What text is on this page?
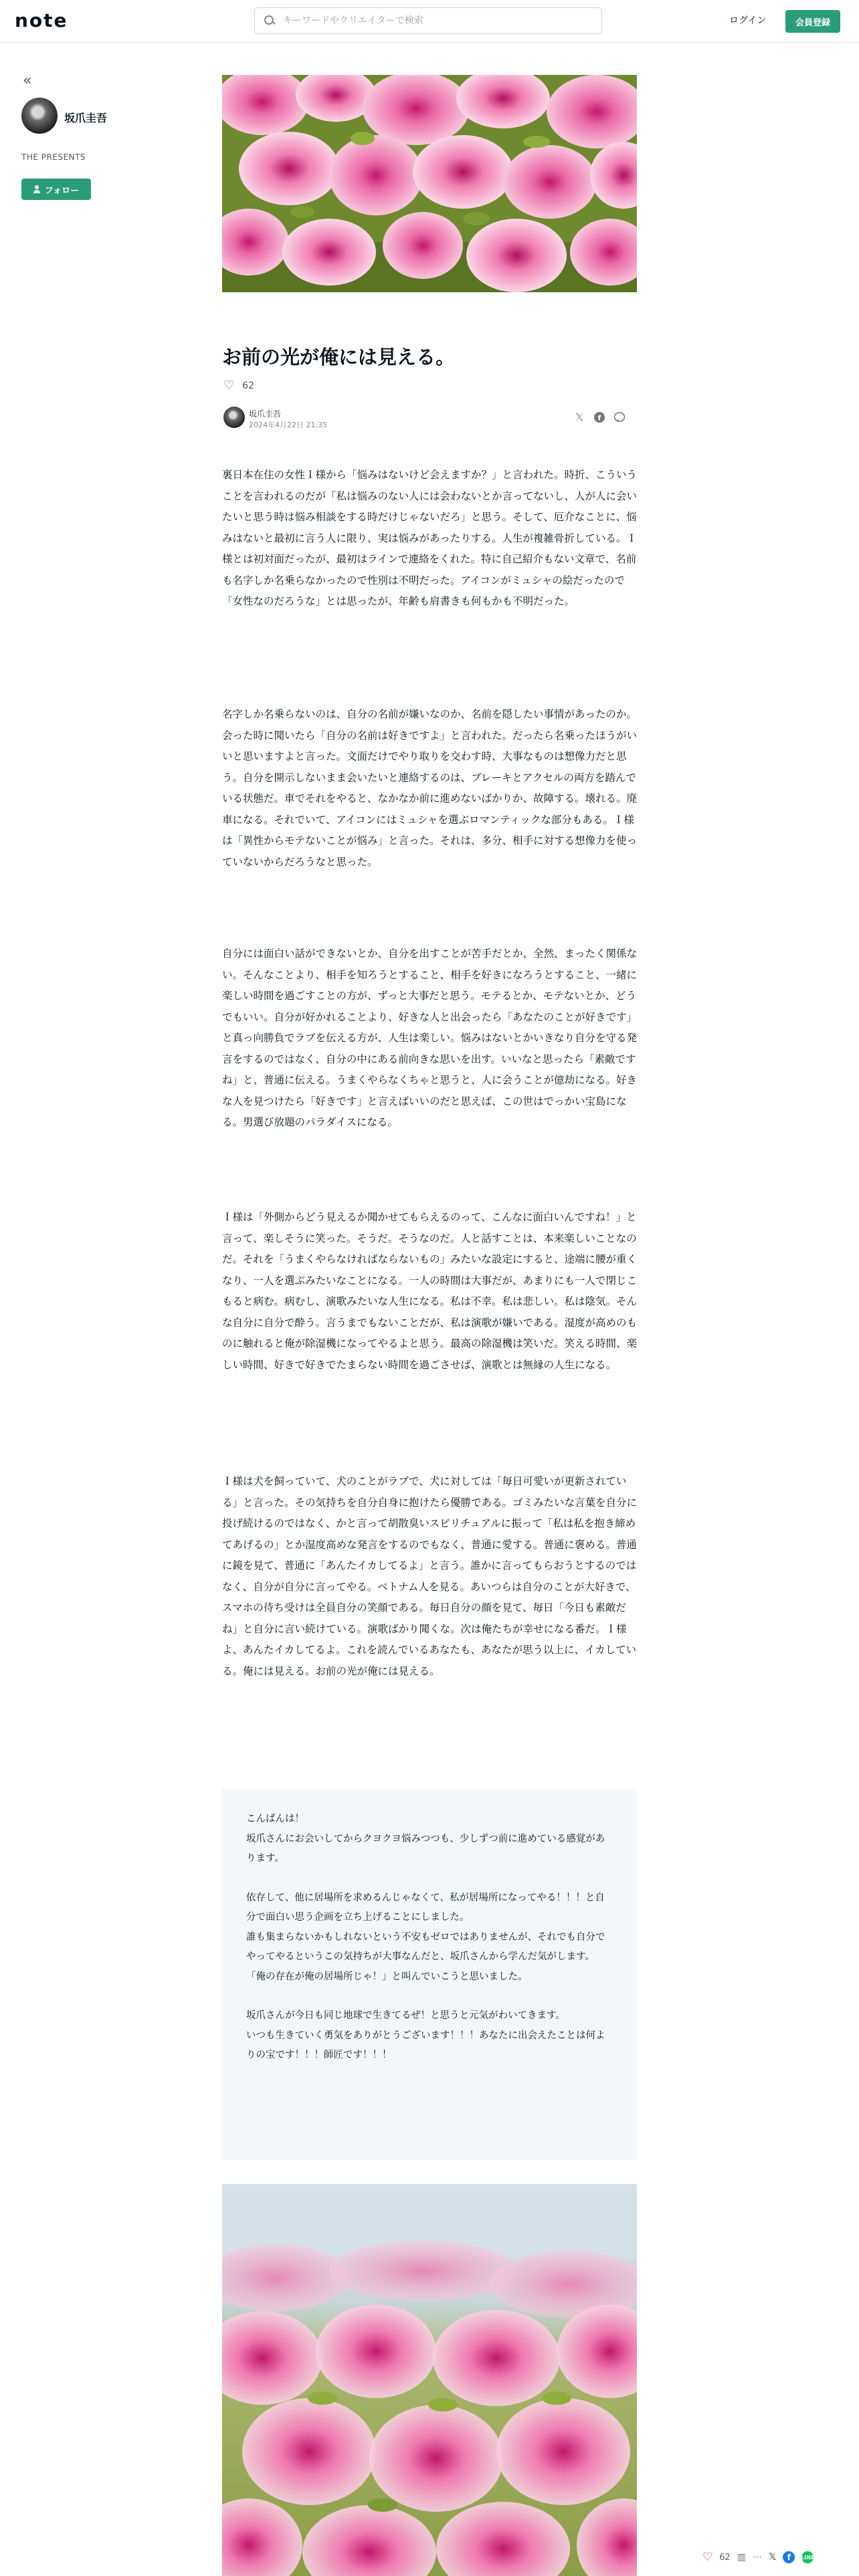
note
キーワードやクリエイターで検索	ログイン	会員登録
«
坂爪圭吾
THE PRESENTS
フォロー
お前の光が俺には見える。
♡ 62
坂爪圭吾
2024年4月22日 21:35
𝕏	f

裏日本在住の女性Ｉ様から「悩みはないけど会えますか？」と言われた。時折、こういうことを言われるのだが「私は悩みのない人には会わないとか言ってないし、人が人に会いたいと思う時は悩み相談をする時だけじゃないだろ」と思う。そして、厄介なことに、悩みはないと最初に言う人に限り、実は悩みがあったりする。人生が複雑骨折している。Ｉ様とは初対面だったが、最初はラインで連絡をくれた。特に自己紹介もない文章で、名前も名字しか名乗らなかったので性別は不明だった。アイコンがミュシャの絵だったので「女性なのだろうな」とは思ったが、年齢も肩書きも何もかも不明だった。

名字しか名乗らないのは、自分の名前が嫌いなのか、名前を隠したい事情があったのか。会った時に聞いたら「自分の名前は好きですよ」と言われた。だったら名乗ったほうがいいと思いますよと言った。文面だけでやり取りを交わす時、大事なものは想像力だと思う。自分を開示しないまま会いたいと連絡するのは、ブレーキとアクセルの両方を踏んでいる状態だ。車でそれをやると、なかなか前に進めないばかりか、故障する。壊れる。廃車になる。それでいて、アイコンにはミュシャを選ぶロマンティックな部分もある。Ｉ様は「異性からモテないことが悩み」と言った。それは、多分、相手に対する想像力を使っていないからだろうなと思った。

自分には面白い話ができないとか、自分を出すことが苦手だとか、全然、まったく関係ない。そんなことより、相手を知ろうとすること、相手を好きになろうとすること、一緒に楽しい時間を過ごすことの方が、ずっと大事だと思う。モテるとか、モテないとか、どうでもいい。自分が好かれることより、好きな人と出会ったら「あなたのことが好きです」と真っ向勝負でラブを伝える方が、人生は楽しい。悩みはないとかいきなり自分を守る発言をするのではなく、自分の中にある前向きな思いを出す。いいなと思ったら「素敵ですね」と、普通に伝える。うまくやらなくちゃと思うと、人に会うことが億劫になる。好きな人を見つけたら「好きです」と言えばいいのだと思えば、この世はでっかい宝島になる。男選び放題のパラダイスになる。

Ｉ様は「外側からどう見えるか聞かせてもらえるのって、こんなに面白いんですね！」と言って、楽しそうに笑った。そうだ。そうなのだ。人と話すことは、本来楽しいことなのだ。それを「うまくやらなければならないもの」みたいな設定にすると、途端に腰が重くなり、一人を選ぶみたいなことになる。一人の時間は大事だが、あまりにも一人で閉じこもると病む。病むし、演歌みたいな人生になる。私は不幸。私は悲しい。私は陰気。そんな自分に自分で酔う。言うまでもないことだが、私は演歌が嫌いである。湿度が高めのものに触れると俺が除湿機になってやるよと思う。最高の除湿機は笑いだ。笑える時間、楽しい時間、好きで好きでたまらない時間を過ごさせば、演歌とは無縁の人生になる。

Ｉ様は犬を飼っていて、犬のことがラブで、犬に対しては「毎日可愛いが更新されている」と言った。その気持ちを自分自身に抱けたら優勝である。ゴミみたいな言葉を自分に投げ続けるのではなく、かと言って胡散臭いスピリチュアルに振って「私は私を抱き締めてあげるの」とか湿度高めな発言をするのでもなく、普通に愛する。普通に褒める。普通に鏡を見て、普通に「あんたイカしてるよ」と言う。誰かに言ってもらおうとするのではなく、自分が自分に言ってやる。ベトナム人を見る。あいつらは自分のことが大好きで、スマホの待ち受けは全員自分の笑顔である。毎日自分の顔を見て、毎日「今日も素敵だね」と自分に言い続けている。演歌ばかり聞くな。次は俺たちが幸せになる番だ。Ｉ様よ、あんたイカしてるよ。これを読んでいるあなたも、あなたが思う以上に、イカしている。俺には見える。お前の光が俺には見える。

こんばんは！

坂爪さんにお会いしてからクヨクヨ悩みつつも、少しずつ前に進めている感覚があります。

依存して、他に居場所を求めるんじゃなくて、私が居場所になってやる！！！と自分で面白い思う企画を立ち上げることにしました。

誰も集まらないかもしれないという不安もゼロではありませんが、それでも自分でやってやるというこの気持ちが大事なんだと、坂爪さんから学んだ気がします。

「俺の存在が俺の居場所じゃ！」と叫んでいこうと思いました。

坂爪さんが今日も同じ地球で生きてるぜ！と思うと元気がわいてきます。

いつも生きていく勇気をありがとうございます！！！あなたに出会えたことは何よりの宝です！！！師匠です！！！

♡ 62 ▥ ⋯ 𝕏	f	LINE
